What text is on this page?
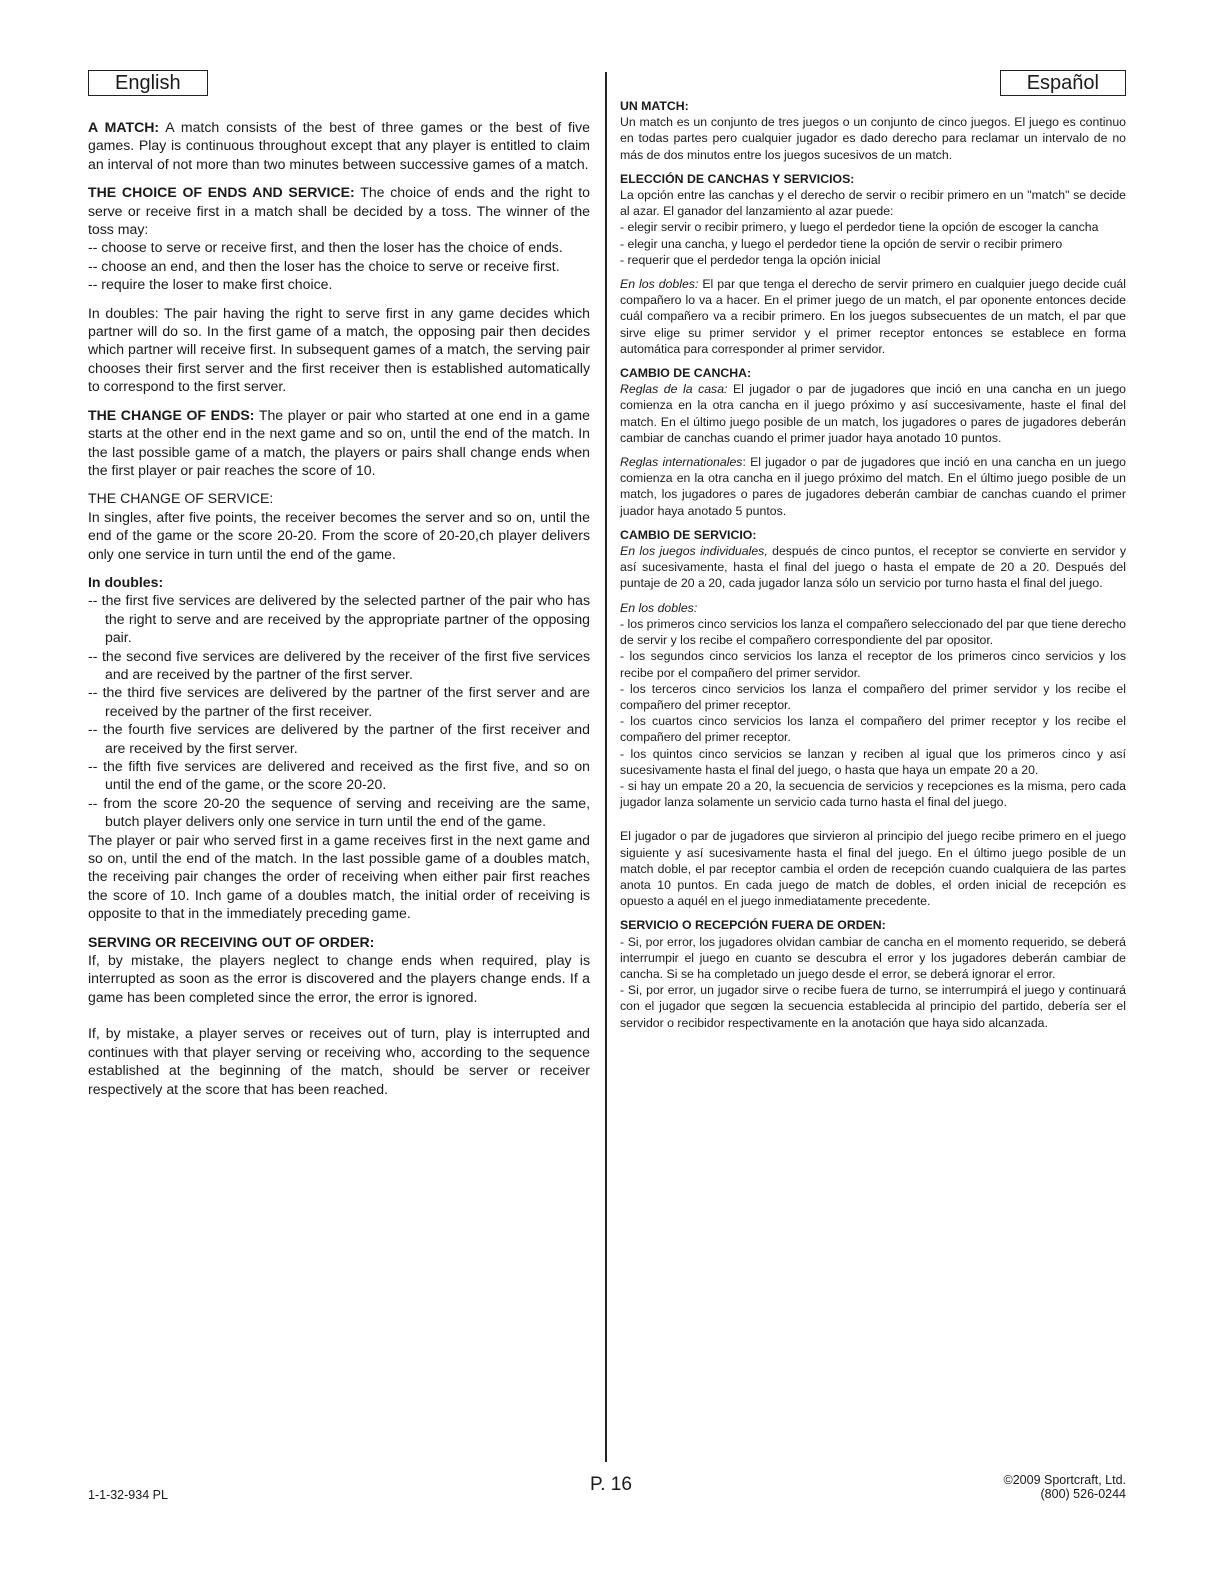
English

A MATCH: A match consists of the best of three games or the best of five games. Play is continuous throughout except that any player is entitled to claim an interval of not more than two minutes between successive games of a match.

THE CHOICE OF ENDS AND SERVICE: The choice of ends and the right to serve or receive first in a match shall be decided by a toss. The winner of the toss may:

-- choose to serve or receive first, and then the loser has the choice of ends.

-- choose an end, and then the loser has the choice to serve or receive first.

-- require the loser to make first choice.

In doubles: The pair having the right to serve first in any game decides which partner will do so. In the first game of a match, the opposing pair then decides which partner will receive first. In subsequent games of a match, the serving pair chooses their first server and the first receiver then is established automatically to correspond to the first server.

THE CHANGE OF ENDS: The player or pair who started at one end in a game starts at the other end in the next game and so on, until the end of the match. In the last possible game of a match, the players or pairs shall change ends when the first player or pair reaches the score of 10.

THE CHANGE OF SERVICE:

In singles, after five points, the receiver becomes the server and so on, until the end of the game or the score 20-20. From the score of 20-20,ch player delivers only one service in turn until the end of the game.

In doubles:

-- the first five services are delivered by the selected partner of the pair who has the right to serve and are received by the appropriate partner of the opposing pair.

-- the second five services are delivered by the receiver of the first five services and are received by the partner of the first server.

-- the third five services are delivered by the partner of the first server and are received by the partner of the first receiver.

-- the fourth five services are delivered by the partner of the first receiver and are received by the first server.

-- the fifth five services are delivered and received as the first five, and so on until the end of the game, or the score 20-20.

-- from the score 20-20 the sequence of serving and receiving are the same, butch player delivers only one service in turn until the end of the game.

The player or pair who served first in a game receives first in the next game and so on, until the end of the match. In the last possible game of a doubles match, the receiving pair changes the order of receiving when either pair first reaches the score of 10. Inch game of a doubles match, the initial order of receiving is opposite to that in the immediately preceding game.

SERVING OR RECEIVING OUT OF ORDER:

If, by mistake, the players neglect to change ends when required, play is interrupted as soon as the error is discovered and the players change ends. If a game has been completed since the error, the error is ignored.

If, by mistake, a player serves or receives out of turn, play is interrupted and continues with that player serving or receiving who, according to the sequence established at the beginning of the match, should be server or receiver respectively at the score that has been reached.

Español

UN MATCH:

Un match es un conjunto de tres juegos o un conjunto de cinco juegos. El juego es continuo en todas partes pero cualquier jugador es dado derecho para reclamar un intervalo de no más de dos minutos entre los juegos sucesivos de un match.

ELECCIÓN DE CANCHAS Y SERVICIOS:

La opción entre las canchas y el derecho de servir o recibir primero en un "match" se decide al azar. El ganador del lanzamiento al azar puede:

- elegir servir o recibir primero, y luego el perdedor tiene la opción de escoger la cancha

- elegir una cancha, y luego el perdedor tiene la opción de servir o recibir primero

- requerir que el perdedor tenga la opción inicial

En los dobles: El par que tenga el derecho de servir primero en cualquier juego decide cuál compañero lo va a hacer. En el primer juego de un match, el par oponente entonces decide cuál compañero va a recibir primero. En los juegos subsecuentes de un match, el par que sirve elige su primer servidor y el primer receptor entonces se establece en forma automática para corresponder al primer servidor.

CAMBIO DE CANCHA:

Reglas de la casa: El jugador o par de jugadores que inció en una cancha en un juego comienza en la otra cancha en il juego próximo y así succesivamente, haste el final del match. En el último juego posible de un match, los jugadores o pares de jugadores deberán cambiar de canchas cuando el primer juador haya anotado 10 puntos.

Reglas internationales: El jugador o par de jugadores que inció en una cancha en un juego comienza en la otra cancha en il juego próximo del match. En el último juego posible de un match, los jugadores o pares de jugadores deberán cambiar de canchas cuando el primer juador haya anotado 5 puntos.

CAMBIO DE SERVICIO:

En los juegos individuales, después de cinco puntos, el receptor se convierte en servidor y así sucesivamente, hasta el final del juego o hasta el empate de 20 a 20. Después del puntaje de 20 a 20, cada jugador lanza sólo un servicio por turno hasta el final del juego.

En los dobles:

- los primeros cinco servicios los lanza el compañero seleccionado del par que tiene derecho de servir y los recibe el compañero correspondiente del par opositor.

- los segundos cinco servicios los lanza el receptor de los primeros cinco servicios y los recibe por el compañero del primer servidor.

- los terceros cinco servicios los lanza el compañero del primer servidor y los recibe el compañero del primer receptor.

- los cuartos cinco servicios los lanza el compañero del primer receptor y los recibe el compañero del primer receptor.

- los quintos cinco servicios se lanzan y reciben al igual que los primeros cinco y así sucesivamente hasta el final del juego, o hasta que haya un empate 20 a 20.

- si hay un empate 20 a 20, la secuencia de servicios y recepciones es la misma, pero cada jugador lanza solamente un servicio cada turno hasta el final del juego.

El jugador o par de jugadores que sirvieron al principio del juego recibe primero en el juego siguiente y así sucesivamente hasta el final del juego. En el último juego posible de un match doble, el par receptor cambia el orden de recepción cuando cualquiera de las partes anota 10 puntos. En cada juego de match de dobles, el orden inicial de recepción es opuesto a aquél en el juego inmediatamente precedente.

SERVICIO O RECEPCIÓN FUERA DE ORDEN:

- Si, por error, los jugadores olvidan cambiar de cancha en el momento requerido, se deberá interrumpir el juego en cuanto se descubra el error y los jugadores deberán cambiar de cancha. Si se ha completado un juego desde el error, se deberá ignorar el error.

- Si, por error, un jugador sirve o recibe fuera de turno, se interrumpirá el juego y continuará con el jugador que segœn la secuencia establecida al principio del partido, debería ser el servidor o recibidor respectivamente en la anotación que haya sido alcanzada.

1-1-32-934 PL	P. 16	©2009 Sportcraft, Ltd.
(800) 526-0244
